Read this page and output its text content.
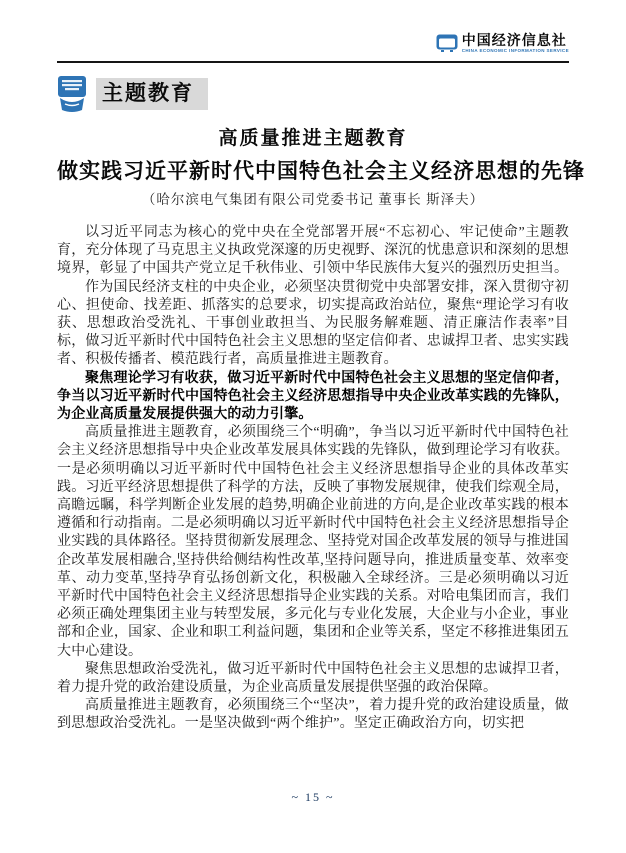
中国经济信息社
CHINA ECONOMIC INFORMATION SERVICE
主题教育
高质量推进主题教育
做实践习近平新时代中国特色社会主义经济思想的先锋
（哈尔滨电气集团有限公司党委书记 董事长 斯泽夫）

以习近平同志为核心的党中央在全党部署开展“不忘初心、牢记使命”主题教育，充分体现了马克思主义执政党深邃的历史视野、深沉的忧患意识和深刻的思想境界，彰显了中国共产党立足千秋伟业、引领中华民族伟大复兴的强烈历史担当。

作为国民经济支柱的中央企业，必须坚决贯彻党中央部署安排，深入贯彻守初心、担使命、找差距、抓落实的总要求，切实提高政治站位，聚焦“理论学习有收获、思想政治受洗礼、干事创业敢担当、为民服务解难题、清正廉洁作表率”目标，做习近平新时代中国特色社会主义思想的坚定信仰者、忠诚捍卫者、忠实实践者、积极传播者、模范践行者，高质量推进主题教育。

聚焦理论学习有收获，做习近平新时代中国特色社会主义思想的坚定信仰者，争当以习近平新时代中国特色社会主义经济思想指导中央企业改革实践的先锋队，为企业高质量发展提供强大的动力引擎。

高质量推进主题教育，必须围绕三个“明确”，争当以习近平新时代中国特色社会主义经济思想指导中央企业改革发展具体实践的先锋队，做到理论学习有收获。一是必须明确以习近平新时代中国特色社会主义经济思想指导企业的具体改革实践。习近平经济思想提供了科学的方法，反映了事物发展规律，使我们综观全局，高瞻远瞩，科学判断企业发展的趋势,明确企业前进的方向,是企业改革实践的根本遵循和行动指南。二是必须明确以习近平新时代中国特色社会主义经济思想指导企业实践的具体路径。坚持贯彻新发展理念、坚持党对国企改革发展的领导与推进国企改革发展相融合,坚持供给侧结构性改革,坚持问题导向，推进质量变革、效率变革、动力变革,坚持孕育弘扬创新文化，积极融入全球经济。三是必须明确以习近平新时代中国特色社会主义经济思想指导企业实践的关系。对哈电集团而言，我们必须正确处理集团主业与转型发展，多元化与专业化发展，大企业与小企业，事业部和企业，国家、企业和职工利益问题，集团和企业等关系，坚定不移推进集团五大中心建设。

聚焦思想政治受洗礼，做习近平新时代中国特色社会主义思想的忠诚捍卫者，着力提升党的政治建设质量，为企业高质量发展提供坚强的政治保障。

高质量推进主题教育，必须围绕三个“坚决”，着力提升党的政治建设质量，做到思想政治受洗礼。一是坚决做到“两个维护”。坚定正确政治方向，切实把

~ 15 ~
